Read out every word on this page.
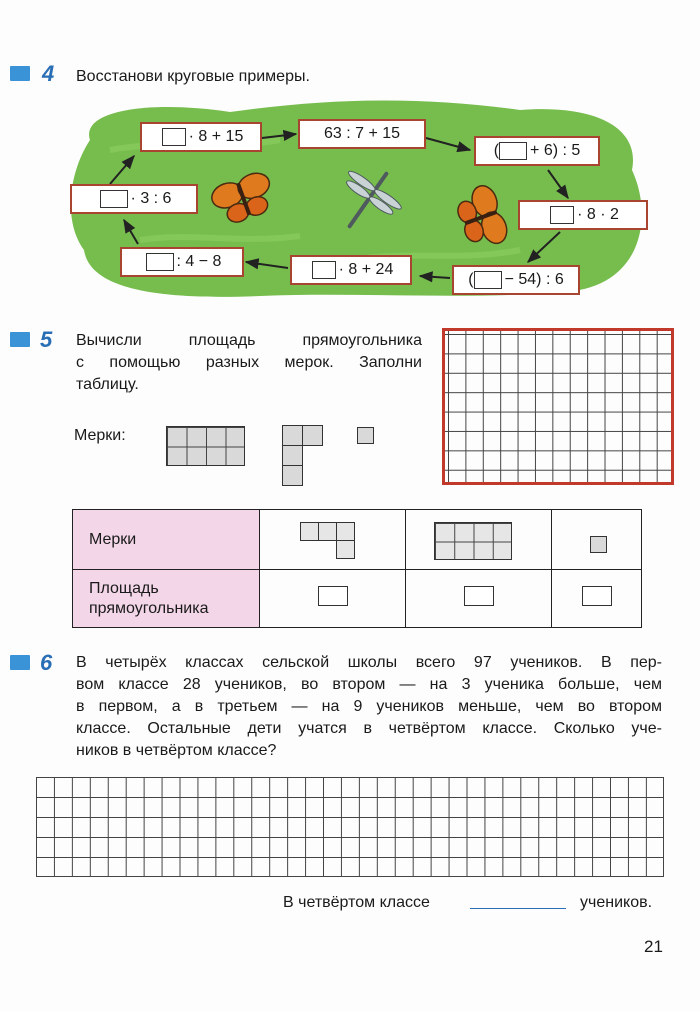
4 Восстанови круговые примеры.
· 8 + 15	63 : 7 + 15
( + 6) : 5
· 8 · 2
( − 54) : 6
· 8 + 24
: 4 − 8
· 3 : 6
5 Вычисли площадь прямоугольника
с помощью разных мерок. Заполни
таблицу.
Мерки:
Мерки	

Площадь
прямоугольника			

6 В четырёх классах сельской школы всего 97 учеников. В пер-
вом классе 28 учеников, во втором — на 3 ученика больше, чем
в первом, а в третьем — на 9 учеников меньше, чем во втором
классе. Остальные дети учатся в четвёртом классе. Сколько уче-
ников в четвёртом классе?
В четвёртом классе	учеников.
21
